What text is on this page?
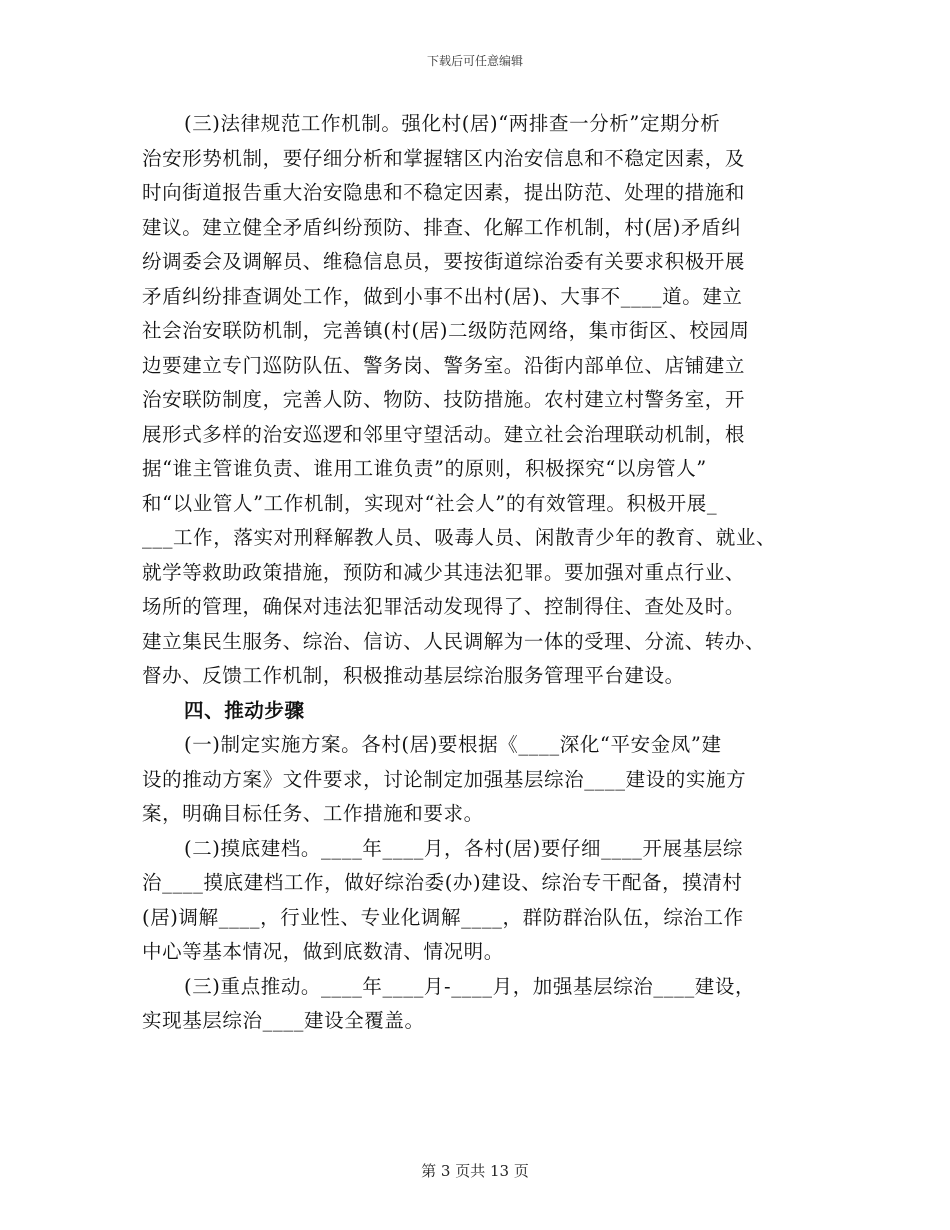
下载后可任意编辑
(三)法律规范工作机制。强化村(居)“两排查一分析”定期分析
治安形势机制，要仔细分析和掌握辖区内治安信息和不稳定因素，及
时向街道报告重大治安隐患和不稳定因素，提出防范、处理的措施和
建议。建立健全矛盾纠纷预防、排查、化解工作机制，村(居)矛盾纠
纷调委会及调解员、维稳信息员，要按街道综治委有关要求积极开展
矛盾纠纷排查调处工作，做到小事不出村(居)、大事不____道。建立
社会治安联防机制，完善镇(村(居)二级防范网络，集市街区、校园周
边要建立专门巡防队伍、警务岗、警务室。沿街内部单位、店铺建立
治安联防制度，完善人防、物防、技防措施。农村建立村警务室，开
展形式多样的治安巡逻和邻里守望活动。建立社会治理联动机制，根
据“谁主管谁负责、谁用工谁负责”的原则，积极探究“以房管人”
和“以业管人”工作机制，实现对“社会人”的有效管理。积极开展_
___工作，落实对刑释解教人员、吸毒人员、闲散青少年的教育、就业、
就学等救助政策措施，预防和减少其违法犯罪。要加强对重点行业、
场所的管理，确保对违法犯罪活动发现得了、控制得住、查处及时。
建立集民生服务、综治、信访、人民调解为一体的受理、分流、转办、
督办、反馈工作机制，积极推动基层综治服务管理平台建设。
四、推动步骤
(一)制定实施方案。各村(居)要根据《____深化“平安金凤”建
设的推动方案》文件要求，讨论制定加强基层综治____建设的实施方
案，明确目标任务、工作措施和要求。
(二)摸底建档。____年____月，各村(居)要仔细____开展基层综
治____摸底建档工作，做好综治委(办)建设、综治专干配备，摸清村
(居)调解____，行业性、专业化调解____，群防群治队伍，综治工作
中心等基本情况，做到底数清、情况明。
(三)重点推动。____年____月-____月，加强基层综治____建设，
实现基层综治____建设全覆盖。
第 3 页共 13 页
